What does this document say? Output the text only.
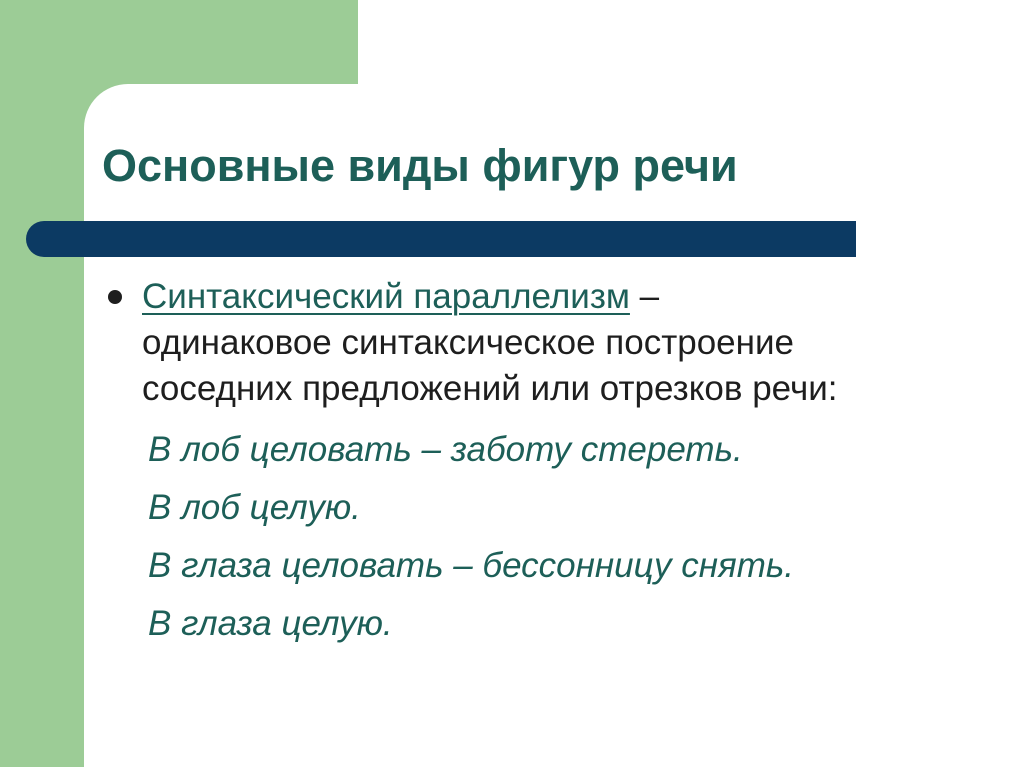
Основные виды фигур речи
Синтаксический параллелизм –
одинаковое синтаксическое построение
соседних предложений или отрезков речи:
В лоб целовать – заботу стереть.
В лоб целую.
В глаза целовать – бессонницу снять.
В глаза целую.
